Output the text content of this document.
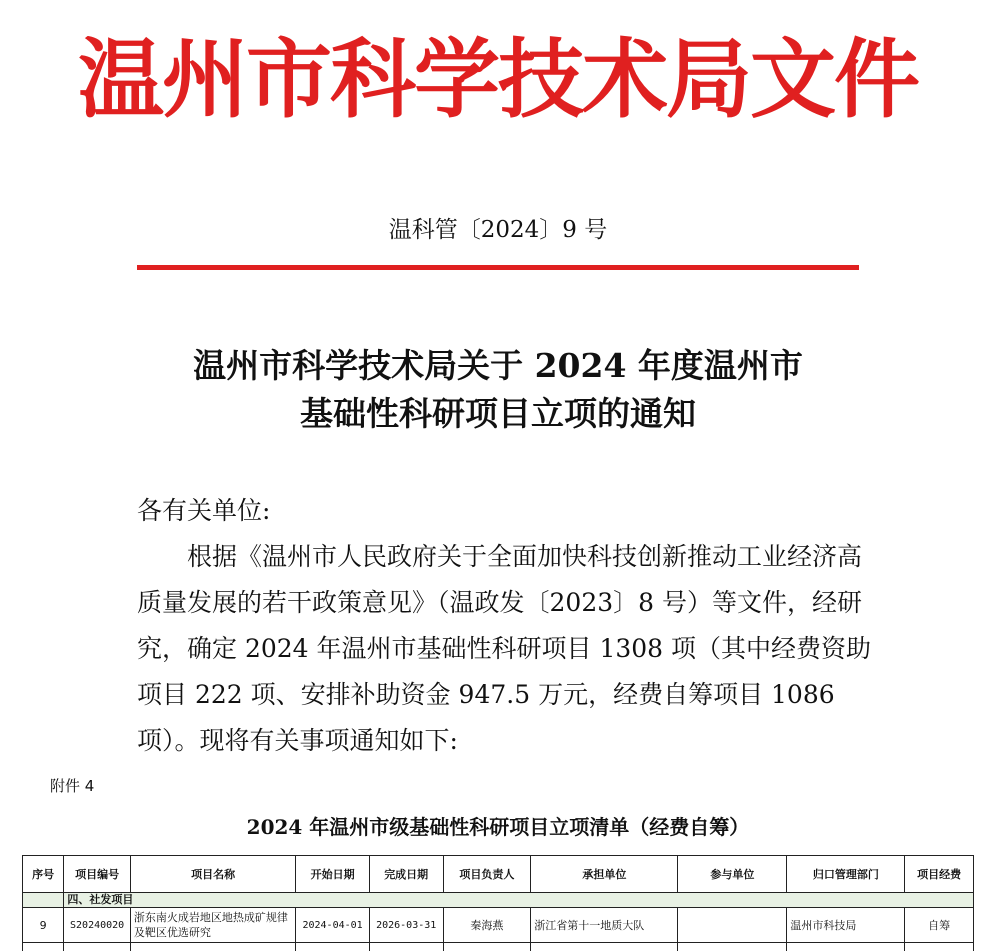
温州市科学技术局文件
温科管〔2024〕9 号
温州市科学技术局关于 2024 年度温州市
基础性科研项目立项的通知

各有关单位:

根据《温州市人民政府关于全面加快科技创新推动工业经济高质量发展的若干政策意见》（温政发〔2023〕8 号）等文件，经研究，确定 2024 年温州市基础性科研项目 1308 项（其中经费资助项目 222 项、安排补助资金 947.5 万元，经费自筹项目 1086 项）。现将有关事项通知如下:

附件 4
2024 年温州市级基础性科研项目立项清单（经费自筹）
序号	项目编号	项目名称	开始日期	完成日期	项目负责人	承担单位	参与单位	归口管理部门	项目经费
	四、社发项目								
9	S20240020	浙东南火成岩地区地热成矿规律及靶区优选研究	2024-04-01	2026-03-31	秦海燕	浙江省第十一地质大队		温州市科技局	自筹
